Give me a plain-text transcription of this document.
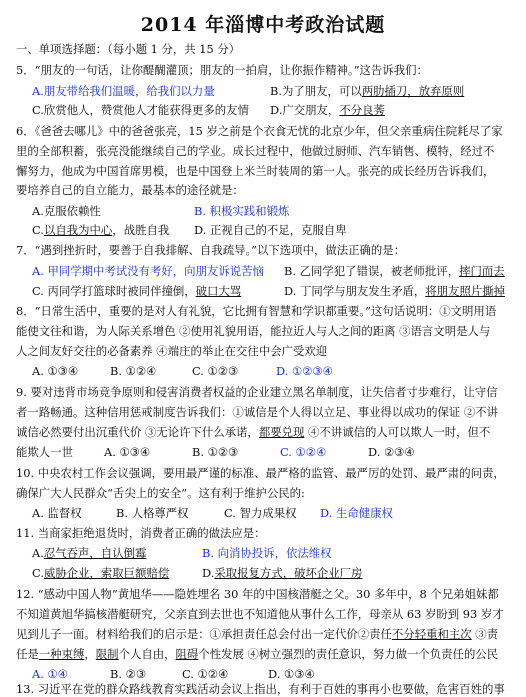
2014 年淄博中考政治试题
一、单项选择题：（每小题 1 分，共 15 分）
5．“朋友的一句话，让你醍醐灌顶；朋友的一拍肩，让你振作精神。”这告诉我们：
A.朋友带给我们温暖，给我们以力量	B.为了朋友，可以两肋插刀，放弃原则
C.欣赏他人，赞赏他人才能获得更多的友情 D.广交朋友，不分良莠
6．《爸爸去哪儿》中的爸爸张亮，15 岁之前是个衣食无忧的北京少年，但父亲重病住院耗尽了家
里的全部积蓄，张亮没能继续自己的学业。成长过程中，他做过厨师、汽车销售、模特，经过不
懈努力，他成为中国首席男模，也是中国登上米兰时装周的第一人。张亮的成长经历告诉我们，
要培养自己的自立能力，最基本的途径就是：
A.克服依赖性	B. 积极实践和锻炼
C.以自我为中心，战胜自我 D. 正视自己的不足，克服自卑
7．“遇到挫折时，要善于自我排解、自我疏导。”以下选项中，做法正确的是：
A. 甲同学期中考试没有考好，向朋友诉说苦恼 B. 乙同学犯了错误，被老师批评，摔门而去
C. 丙同学打篮球时被同伴撞倒，破口大骂	D. 丁同学与朋友发生矛盾，将朋友照片撕掉
8．“日常生活中，重要的是对人有礼貌，它比拥有智慧和学识都重要。”这句话说明：①文明用语
能使文往和谐，为人际关系增色 ②使用礼貌用语，能拉近人与人之间的距离 ③语言文明是人与
人之间友好交往的必备素养 ④端庄的举止在交往中会广受欢迎
A. ①③④	B. ①②④	C. ①②③	D. ①②③④
9. 要对违背市场竞争原则和侵害消费者权益的企业建立黑名单制度，让失信者寸步难行，让守信
者一路畅通。这种信用惩戒制度告诉我们：①诚信是个人得以立足、事业得以成功的保证 ②不讲
诚信必然要付出沉重代价 ③无论许下什么承诺，都要兑现 ④不讲诚信的人可以欺人一时，但不
能欺人一世	A. ①③④	B. ①②③	C. ①②④	D. ②③④
10. 中央农村工作会议强调，要用最严谨的标准、最严格的监管、最严厉的处罚、最严肃的问责，
确保广大人民群众“舌尖上的安全”。这有利于维护公民的:
A. 监督权	B. 人格尊严权	C. 智力成果权 D. 生命健康权
11. 当商家拒绝退货时，消费者正确的做法应是：
A.忍气吞声，自认倒霉	B. 向消协投诉，依法维权
C.威胁企业，索取巨额赔偿	D.采取报复方式，破坏企业厂房
12. “感动中国人物”黄旭华——隐姓埋名 30 年的中国核潜艇之父。30 多年中，8 个兄弟姐妹都
不知道黄旭华搞核潜艇研究，父亲直到去世也不知道他从事什么工作，母亲从 63 岁盼到 93 岁才
见到儿子一面。材料给我们的启示是：①承担责任总会付出一定代价②责任不分轻重和主次 ③责
任是一种束缚，限制个人自由，阻碍个性发展 ④树立强烈的责任意识，努力做一个负责任的公民
A. ①④	B. ②③	C. ①②④	D. ①③④
13. 习近平在党的群众路线教育实践活动会议上指出，有利于百姓的事再小也要做，危害百姓的事
